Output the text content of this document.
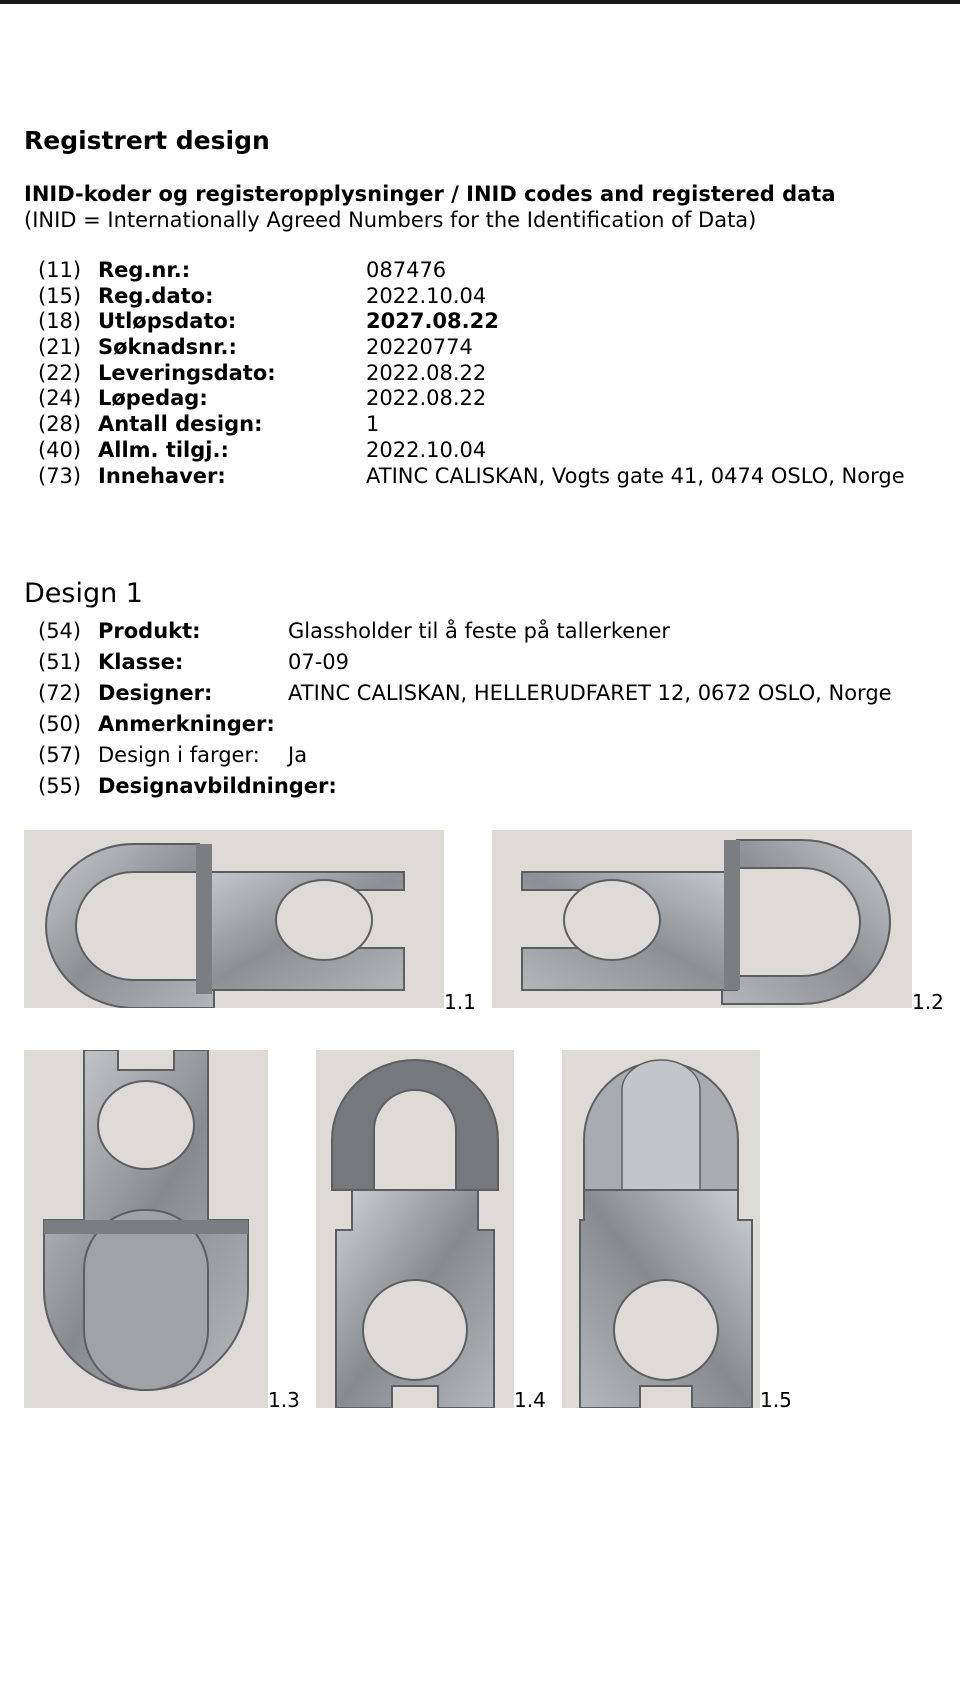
Registrert design
INID-koder og registeropplysninger / INID codes and registered data
(INID = Internationally Agreed Numbers for the Identification of Data)
(11) Reg.nr.:	087476
(15) Reg.dato:	2022.10.04
(18) Utløpsdato:	2027.08.22
(21) Søknadsnr.:	20220774
(22) Leveringsdato:	2022.08.22
(24) Løpedag:	2022.08.22
(28) Antall design:	1
(40) Allm. tilgj.:	2022.10.04
(73) Innehaver:	ATINC CALISKAN, Vogts gate 41, 0474 OSLO, Norge
Design 1
(54) Produkt:	Glassholder til å feste på tallerkener
(51) Klasse:	07-09
(72) Designer:	ATINC CALISKAN, HELLERUDFARET 12, 0672 OSLO, Norge
(50) Anmerkninger:
(57) Design i farger: Ja
(55) Designavbildninger:
1.1	1.2
1.3	1.4	1.5
